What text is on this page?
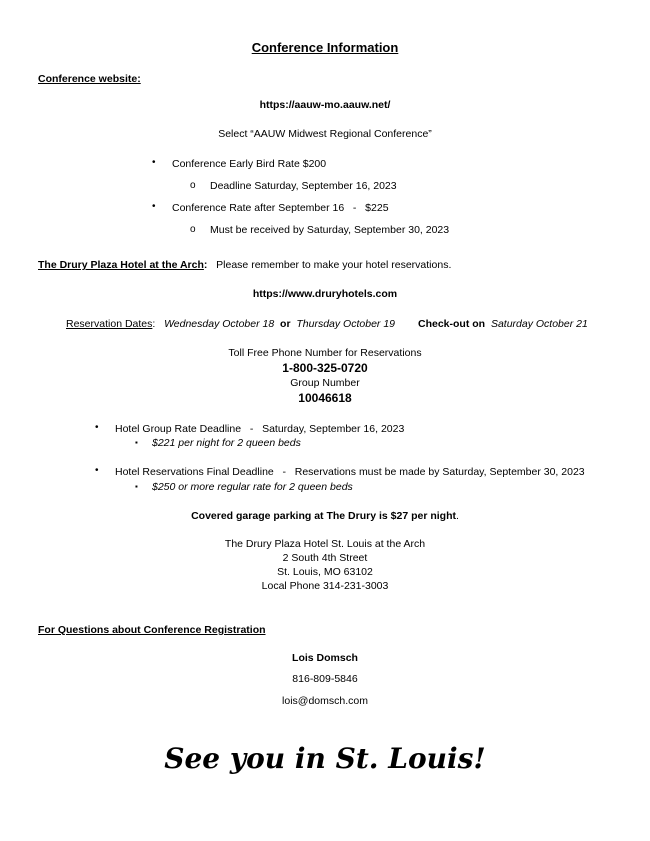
Conference Information
Conference website:
https://aauw-mo.aauw.net/
Select “AAUW Midwest Regional Conference”
• Conference Early Bird Rate $200
o Deadline Saturday, September 16, 2023
• Conference Rate after September 16   -   $225
o Must be received by Saturday, September 30, 2023
The Drury Plaza Hotel at the Arch: Please remember to make your hotel reservations.
https://www.druryhotels.com
Reservation Dates: Wednesday October 18 or Thursday October 19 Check-out on Saturday October 21
Toll Free Phone Number for Reservations
1-800-325-0720
Group Number
10046618
• Hotel Group Rate Deadline   -   Saturday, September 16, 2023
▪ $221 per night for 2 queen beds
• Hotel Reservations Final Deadline   -   Reservations must be made by Saturday, September 30, 2023
▪ $250 or more regular rate for 2 queen beds
Covered garage parking at The Drury is $27 per night.
The Drury Plaza Hotel St. Louis at the Arch
2 South 4th Street
St. Louis, MO 63102
Local Phone 314-231-3003
For Questions about Conference Registration
Lois Domsch
816-809-5846
lois@domsch.com
See you in St. Louis!
